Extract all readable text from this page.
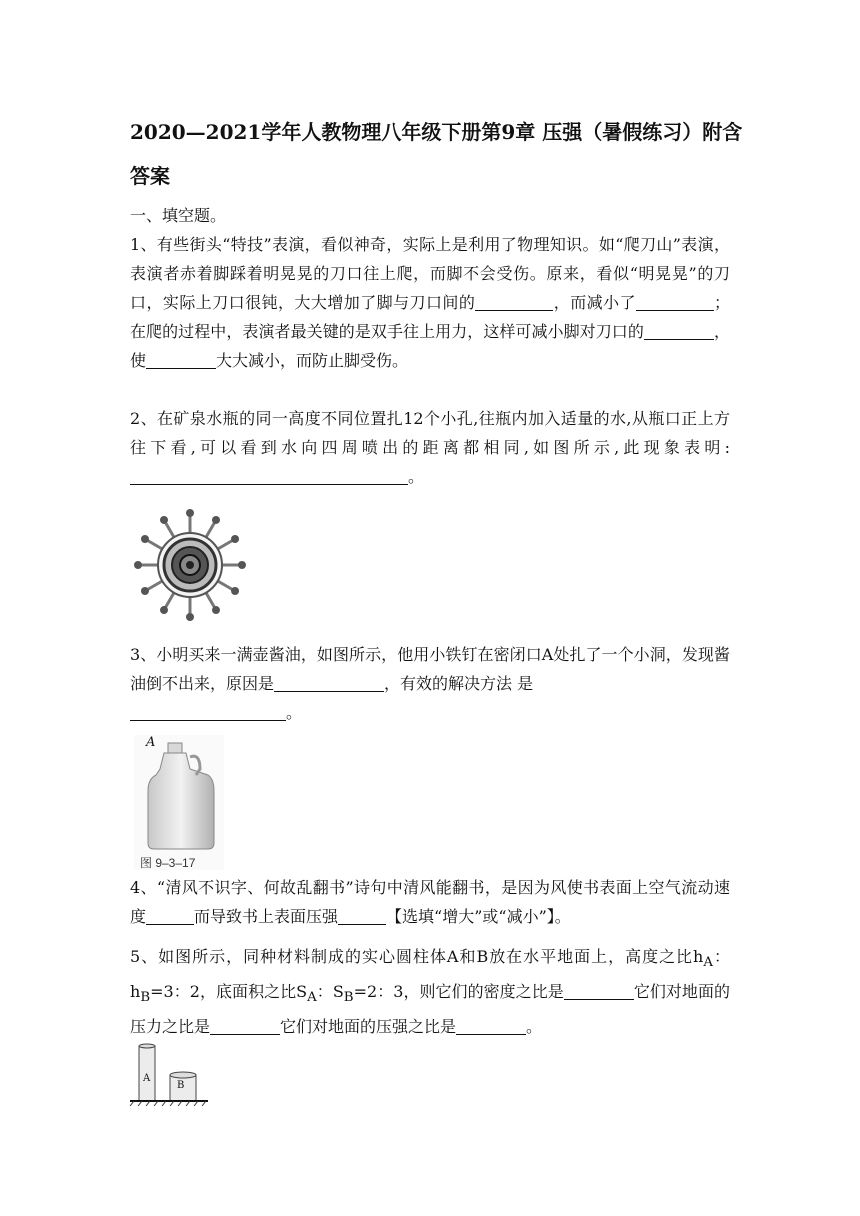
2020—2021学年人教物理八年级下册第9章 压强（暑假练习）附含答案

一、填空题。

1、有些街头“特技”表演，看似神奇，实际上是利用了物理知识。如“爬刀山”表演，表演者赤着脚踩着明晃晃的刀口往上爬，而脚不会受伤。原来，看似“明晃晃”的刀口，实际上刀口很钝，大大增加了脚与刀口间的	，而减小了	；在爬的过程中，表演者最关键的是双手往上用力，这样可减小脚对刀口的	，使	大大减小，而防止脚受伤。

2、在矿泉水瓶的同一高度不同位置扎12个小孔,往瓶内加入适量的水,从瓶口正上方往下看,可以看到水向四周喷出的距离都相同,如图所示,此现象表明:。

3、小明买来一满壶酱油，如图所示，他用小铁钉在密闭口A处扎了一个小洞，发现酱油倒不出来，原因是	，有效的解决方法 是
。

A
图 9–3–17

4、“清风不识字、何故乱翻书”诗句中清风能翻书，是因为风使书表面上空气流动速度	而导致书上表面压强	【选填“增大”或“减小”】。

5、如图所示，同种材料制成的实心圆柱体A和B放在水平地面上，高度之比$h_A$：$h_B=3$：2，底面积之比$S_A$：$S_B=2$：3，则它们的密度之比是	它们对地面的压力之比是	它们对地面的压强之比是	。

A
B
